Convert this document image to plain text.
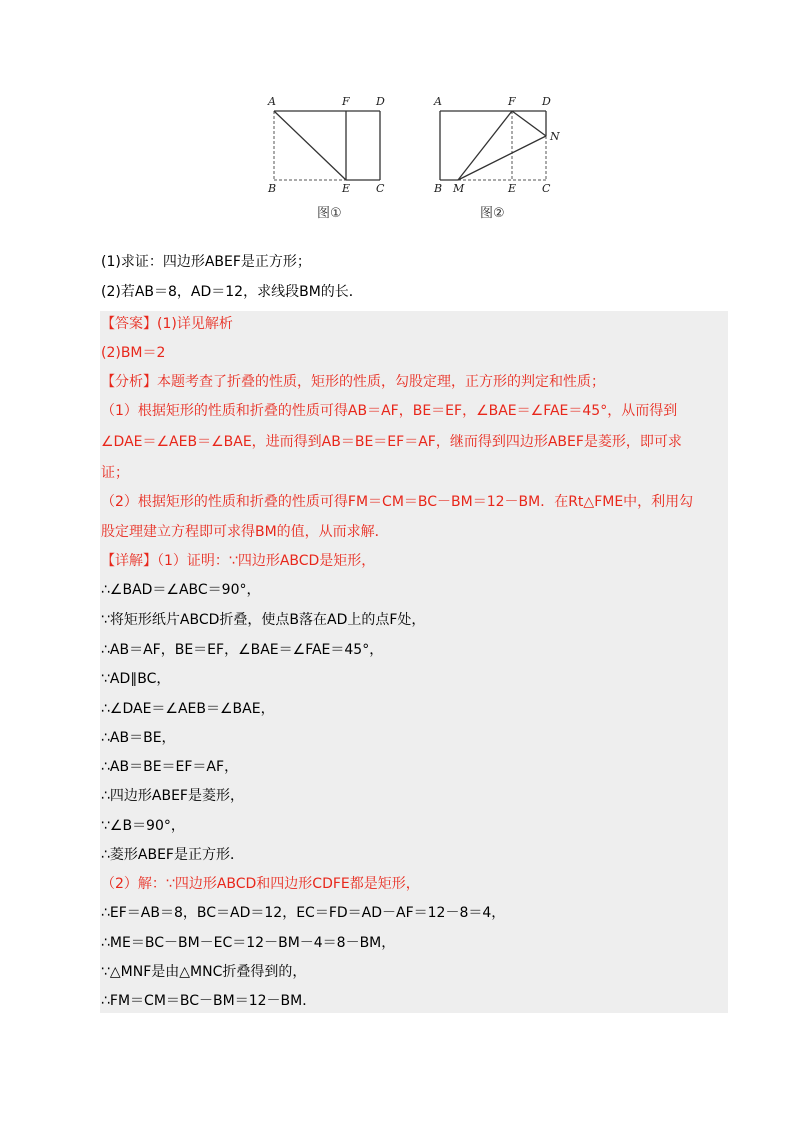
A	F D
B	E C
图①
A	F D
N
B M	E C
图②
(1)求证：四边形ABEF是正方形；
(2)若AB＝8，AD＝12，求线段BM的长．
【答案】(1)详见解析
(2)BM＝2
【分析】本题考查了折叠的性质，矩形的性质，勾股定理，正方形的判定和性质；
（1）根据矩形的性质和折叠的性质可得AB＝AF，BE＝EF，∠BAE＝∠FAE＝45°，从而得到
∠DAE＝∠AEB＝∠BAE，进而得到AB＝BE＝EF＝AF，继而得到四边形ABEF是菱形，即可求
证；
（2）根据矩形的性质和折叠的性质可得FM＝CM＝BC－BM＝12－BM．在Rt△FME中，利用勾
股定理建立方程即可求得BM的值，从而求解．
【详解】（1）证明：∵四边形ABCD是矩形，
∴∠BAD＝∠ABC＝90°，
∵将矩形纸片ABCD折叠，使点B落在AD上的点F处，
∴AB＝AF，BE＝EF，∠BAE＝∠FAE＝45°，
∵AD∥BC，
∴∠DAE＝∠AEB＝∠BAE，
∴AB＝BE，
∴AB＝BE＝EF＝AF，
∴四边形ABEF是菱形，
∵∠B＝90°，
∴菱形ABEF是正方形．
（2）解：∵四边形ABCD和四边形CDFE都是矩形，
∴EF＝AB＝8，BC＝AD＝12，EC＝FD＝AD－AF＝12－8＝4，
∴ME＝BC－BM－EC＝12－BM－4＝8－BM，
∵△MNF是由△MNC折叠得到的，
∴FM＝CM＝BC－BM＝12－BM．
